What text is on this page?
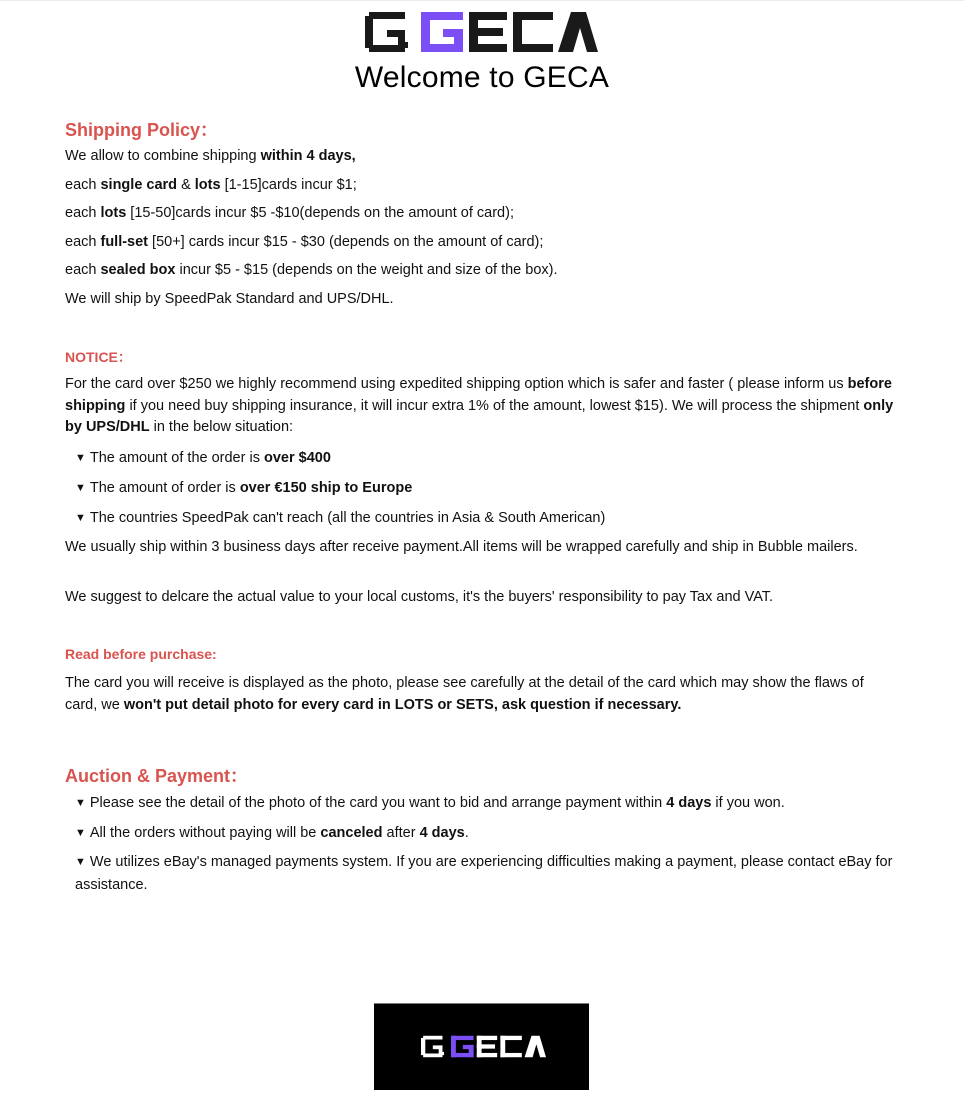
Welcome to GECA
Shipping Policy：
We allow to combine shipping within 4 days,
each single card & lots [1-15]cards incur $1;
each lots [15-50]cards incur $5 -$10(depends on the amount of card);
each full-set [50+] cards incur $15 - $30 (depends on the amount of card);
each sealed box incur $5 - $15 (depends on the weight and size of the box).
We will ship by SpeedPak Standard and UPS/DHL.
NOTICE：
For the card over $250 we highly recommend using expedited shipping option which is safer and faster ( please inform us before shipping if you need buy shipping insurance, it will incur extra 1% of the amount, lowest $15). We will process the shipment only by UPS/DHL in the below situation:
▼ The amount of the order is over $400
▼ The amount of order is over €150 ship to Europe
▼ The countries SpeedPak can't reach (all the countries in Asia & South American)
We usually ship within 3 business days after receive payment.All items will be wrapped carefully and ship in Bubble mailers.
We suggest to delcare the actual value to your local customs, it's the buyers' responsibility to pay Tax and VAT.
Read before purchase:
The card you will receive is displayed as the photo, please see carefully at the detail of the card which may show the flaws of card, we won't put detail photo for every card in LOTS or SETS, ask question if necessary.
Auction & Payment：
▼ Please see the detail of the photo of the card you want to bid and arrange payment within 4 days if you won.
▼ All the orders without paying will be canceled after 4 days.
▼ We utilizes eBay's managed payments system. If you are experiencing difficulties making a payment, please contact eBay for assistance.
